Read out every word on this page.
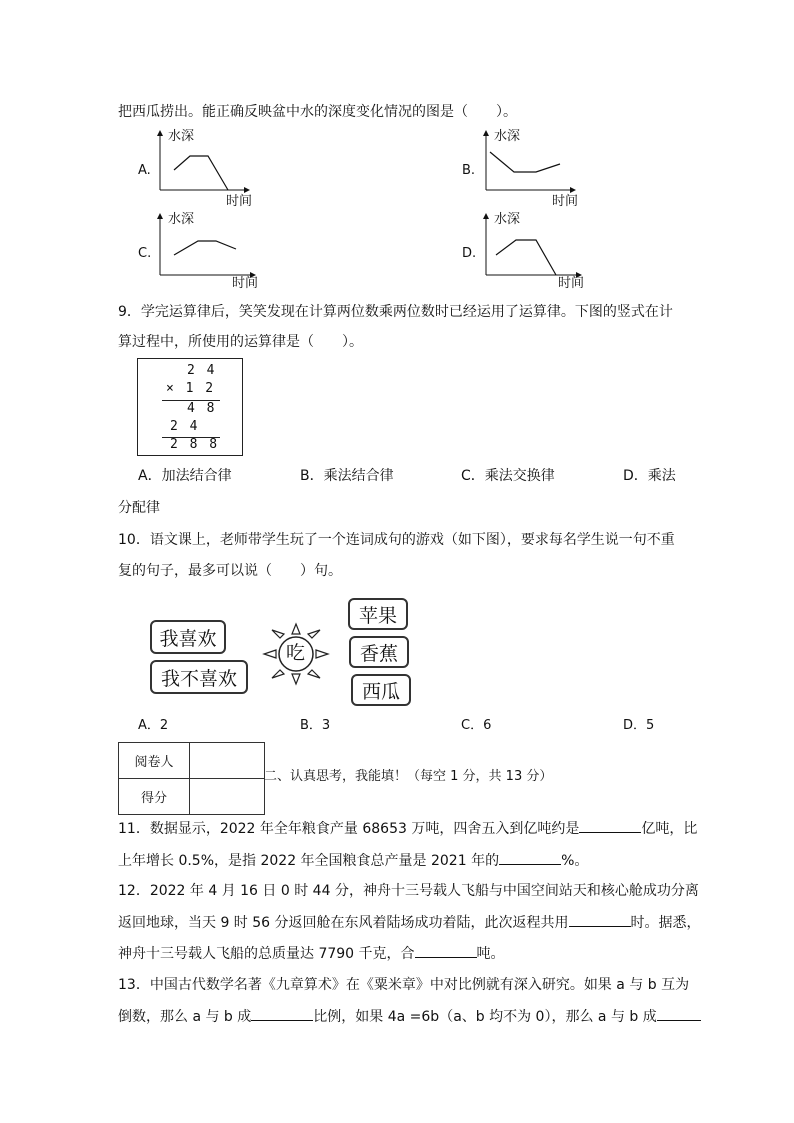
把西瓜捞出。能正确反映盆中水的深度变化情况的图是（　　）。
A.
水深
时间
B.
水深
时间
C.
水深
时间
D.
水深
时间
9．学完运算律后，笑笑发现在计算两位数乘两位数时已经运用了运算律。下图的竖式在计
算过程中，所使用的运算律是（　　）。
2 4
× 1 2
4 8
2 4
2 8 8
A．加法结合律	B．乘法结合律	C．乘法交换律	D．乘法
分配律
10．语文课上，老师带学生玩了一个连词成句的游戏（如下图），要求每名学生说一句不重
复的句子，最多可以说（　　）句。
我喜欢
我不喜欢
吃
苹果
香蕉
西瓜
A．2	B．3	C．6	D．5
阅卷人	
得分	
二、认真思考，我能填！（每空 1 分，共 13 分）
11．数据显示，2022 年全年粮食产量 68653 万吨，四舍五入到亿吨约是	亿吨，比
上年增长 0.5%，是指 2022 年全国粮食总产量是 2021 年的	%。
12．2022 年 4 月 16 日 0 时 44 分，神舟十三号载人飞船与中国空间站天和核心舱成功分离
返回地球，当天 9 时 56 分返回舱在东风着陆场成功着陆，此次返程共用	时。据悉，
神舟十三号载人飞船的总质量达 7790 千克，合	吨。
13．中国古代数学名著《九章算术》在《粟米章》中对比例就有深入研究。如果 a 与 b 互为
倒数，那么 a 与 b 成	比例，如果 4a =6b（a、b 均不为 0），那么 a 与 b 成
